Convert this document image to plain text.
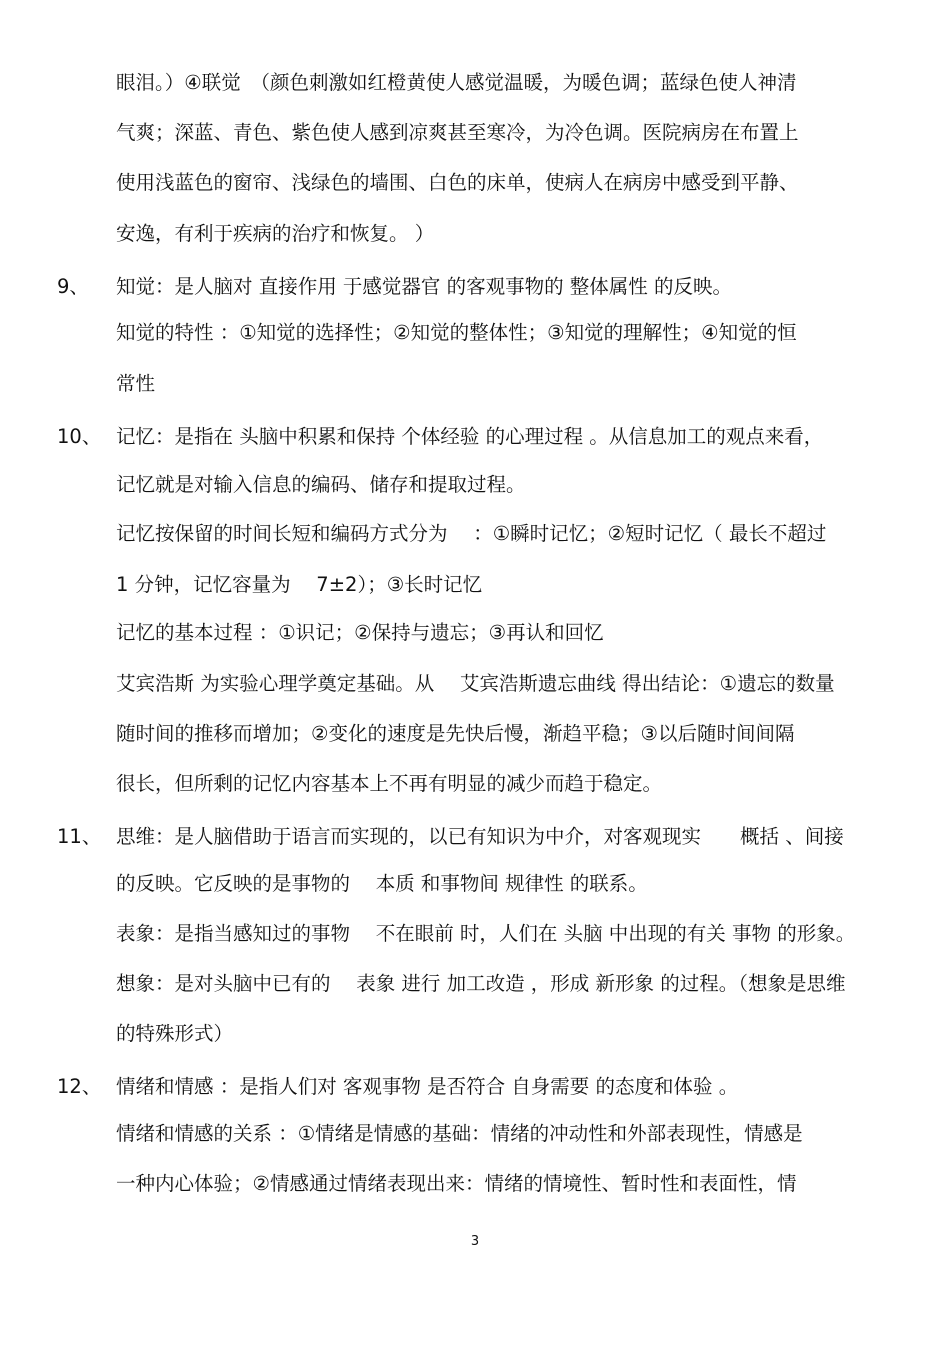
眼泪。）④联觉　（颜色刺激如红橙黄使人感觉温暖，为暖色调；蓝绿色使人神清
气爽；深蓝、青色、紫色使人感到凉爽甚至寒冷，为冷色调。医院病房在布置上
使用浅蓝色的窗帘、浅绿色的墙围、白色的床单，使病人在病房中感受到平静、
安逸，有利于疾病的治疗和恢复。 ）
9、 知觉：是人脑对 直接作用 于感觉器官 的客观事物的 整体属性 的反映。
知觉的特性 ：①知觉的选择性；②知觉的整体性；③知觉的理解性；④知觉的恒
常性
10、 记忆：是指在 头脑中积累和保持 个体经验 的心理过程 。从信息加工的观点来看，
记忆就是对输入信息的编码、储存和提取过程。
记忆按保留的时间长短和编码方式分为 　：①瞬时记忆；②短时记忆（ 最长不超过
1 分钟，记忆容量为 　7±2）；③长时记忆
记忆的基本过程 ：①识记；②保持与遗忘；③再认和回忆
艾宾浩斯 为实验心理学奠定基础。从 　艾宾浩斯遗忘曲线 得出结论：①遗忘的数量
随时间的推移而增加；②变化的速度是先快后慢，渐趋平稳；③以后随时间间隔
很长，但所剩的记忆内容基本上不再有明显的减少而趋于稳定。
11、 思维：是人脑借助于语言而实现的，以已有知识为中介，对客观现实　　概括 、间接
的反映。它反映的是事物的 　本质 和事物间 规律性 的联系。
表象：是指当感知过的事物 　不在眼前 时，人们在 头脑 中出现的有关 事物 的形象。
想象：是对头脑中已有的 　表象 进行 加工改造 ，形成 新形象 的过程。（想象是思维
的特殊形式）
12、 情绪和情感 ：是指人们对 客观事物 是否符合 自身需要 的态度和体验 。
情绪和情感的关系 ：①情绪是情感的基础：情绪的冲动性和外部表现性，情感是
一种内心体验；②情感通过情绪表现出来：情绪的情境性、暂时性和表面性，情
3
